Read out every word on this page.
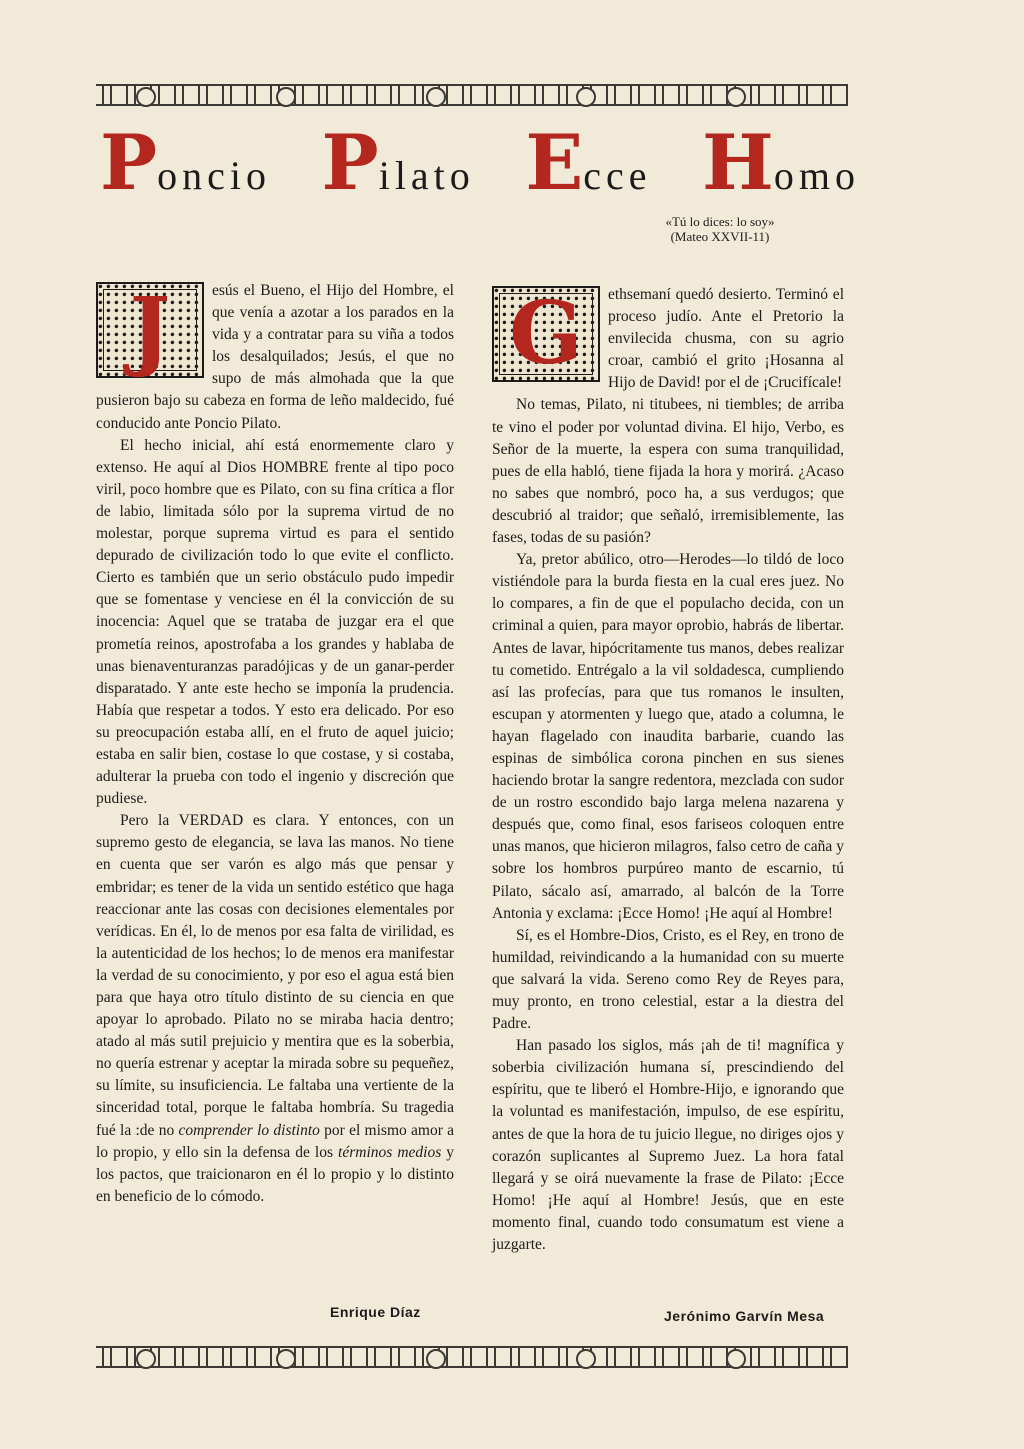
Poncio Pilato Ecce Homo
«Tú lo dices: lo soy»
(Mateo XXVII-11)

J	esús el Bueno, el Hijo del Hombre, el que venía a azotar a los parados en la vida y a contratar para su viña a todos los desalquilados; Jesús, el que no supo de más almohada que la que pusieron bajo su cabeza en forma de leño maldecido, fué conducido ante Poncio Pilato.

El hecho inicial, ahí está enormemente claro y extenso. He aquí al Dios HOMBRE frente al tipo poco viril, poco hombre que es Pilato, con su fina crítica a flor de labio, limitada sólo por la suprema virtud de no molestar, porque suprema virtud es para el sentido depurado de civilización todo lo que evite el conflicto. Cierto es también que un serio obstáculo pudo impedir que se fomentase y venciese en él la convicción de su inocencia: Aquel que se trataba de juzgar era el que prometía reinos, apostrofaba a los grandes y hablaba de unas bienaventuranzas paradójicas y de un ganar-perder disparatado. Y ante este hecho se imponía la prudencia. Había que respetar a todos. Y esto era delicado. Por eso su preocupación estaba allí, en el fruto de aquel juicio; estaba en salir bien, costase lo que costase, y si costaba, adulterar la prueba con todo el ingenio y discreción que pudiese.

Pero la VERDAD es clara. Y entonces, con un supremo gesto de elegancia, se lava las manos. No tiene en cuenta que ser varón es algo más que pensar y embridar; es tener de la vida un sentido estético que haga reaccionar ante las cosas con decisiones elementales por verídicas. En él, lo de menos por esa falta de virilidad, es la autenticidad de los hechos; lo de menos era manifestar la verdad de su conocimiento, y por eso el agua está bien para que haya otro título distinto de su ciencia en que apoyar lo aprobado. Pilato no se miraba hacia dentro; atado al más sutil prejuicio y mentira que es la soberbia, no quería estrenar y aceptar la mirada sobre su pequeñez, su límite, su insuficiencia. Le faltaba una vertiente de la sinceridad total, porque le faltaba hombría. Su tragedia fué la :de no comprender lo distinto por el mismo amor a lo propio, y ello sin la defensa de los términos medios y los pactos, que traicionaron en él lo propio y lo distinto en beneficio de lo cómodo.

Enrique Díaz

G ethsemaní quedó desierto. Terminó el proceso judío. Ante el Pretorio la envilecida chusma, con su agrio croar, cambió el grito ¡Hosanna al Hijo de David! por el de ¡Crucifícale!

No temas, Pilato, ni titubees, ni tiembles; de arriba te vino el poder por voluntad divina. El hijo, Verbo, es Señor de la muerte, la espera con suma tranquilidad, pues de ella habló, tiene fijada la hora y morirá. ¿Acaso no sabes que nombró, poco ha, a sus verdugos; que descubrió al traidor; que señaló, irremisiblemente, las fases, todas de su pasión?

Ya, pretor abúlico, otro—Herodes—lo tildó de loco vistiéndole para la burda fiesta en la cual eres juez. No lo compares, a fin de que el populacho decida, con un criminal a quien, para mayor oprobio, habrás de libertar. Antes de lavar, hipócritamente tus manos, debes realizar tu cometido. Entrégalo a la vil soldadesca, cumpliendo así las profecías, para que tus romanos le insulten, escupan y atormenten y luego que, atado a columna, le hayan flagelado con inaudita barbarie, cuando las espinas de simbólica corona pinchen en sus sienes haciendo brotar la sangre redentora, mezclada con sudor de un rostro escondido bajo larga melena nazarena y después que, como final, esos fariseos coloquen entre unas manos, que hicieron milagros, falso cetro de caña y sobre los hombros purpúreo manto de escarnio, tú Pilato, sácalo así, amarrado, al balcón de la Torre Antonia y exclama: ¡Ecce Homo! ¡He aquí al Hombre!

Sí, es el Hombre-Dios, Cristo, es el Rey, en trono de humildad, reivindicando a la humanidad con su muerte que salvará la vida. Sereno como Rey de Reyes para, muy pronto, en trono celestial, estar a la diestra del Padre.

Han pasado los siglos, más ¡ah de ti! magnífica y soberbia civilización humana sí, prescindiendo del espíritu, que te liberó el Hombre-Hijo, e ignorando que la voluntad es manifestación, impulso, de ese espíritu, antes de que la hora de tu juicio llegue, no diriges ojos y corazón suplicantes al Supremo Juez. La hora fatal llegará y se oirá nuevamente la frase de Pilato: ¡Ecce Homo! ¡He aquí al Hombre! Jesús, que en este momento final, cuando todo consumatum est viene a juzgarte.

Jerónimo Garvín Mesa
